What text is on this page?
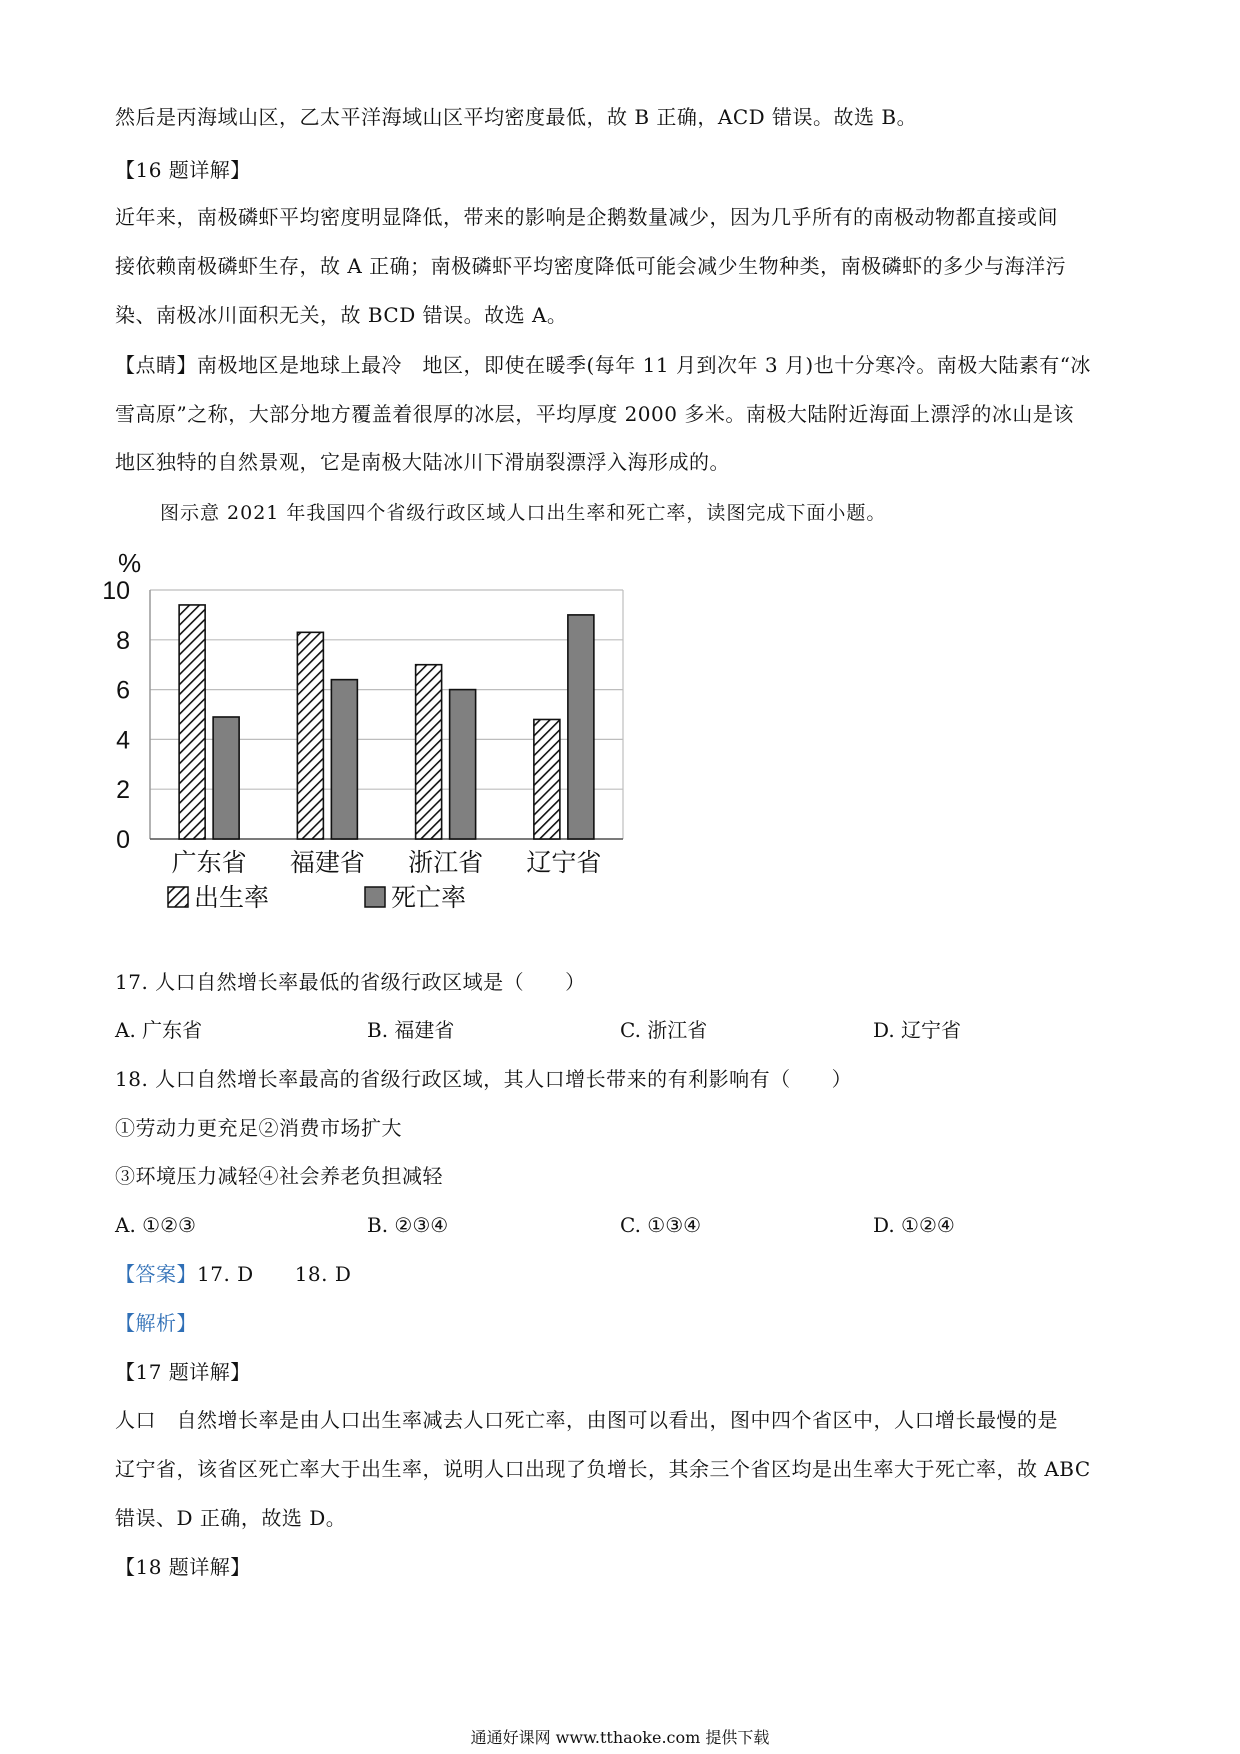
然后是丙海域山区，乙太平洋海域山区平均密度最低，故 B 正确，ACD 错误。故选 B。
【16 题详解】
近年来，南极磷虾平均密度明显降低，带来的影响是企鹅数量减少，因为几乎所有的南极动物都直接或间
接依赖南极磷虾生存，故 A 正确；南极磷虾平均密度降低可能会减少生物种类，南极磷虾的多少与海洋污
染、南极冰川面积无关，故 BCD 错误。故选 A。
【点睛】南极地区是地球上最冷　地区，即使在暖季(每年 11 月到次年 3 月)也十分寒冷。南极大陆素有“冰
雪高原”之称，大部分地方覆盖着很厚的冰层，平均厚度 2000 多米。南极大陆附近海面上漂浮的冰山是该
地区独特的自然景观，它是南极大陆冰川下滑崩裂漂浮入海形成的。
图示意 2021 年我国四个省级行政区域人口出生率和死亡率，读图完成下面小题。
%
0
2
4
6
8
10
广东省 福建省 浙江省 辽宁省
出生率	死亡率
17. 人口自然增长率最低的省级行政区域是（　　）
A. 广东省	B. 福建省	C. 浙江省	D. 辽宁省
18. 人口自然增长率最高的省级行政区域，其人口增长带来的有利影响有（　　）
①劳动力更充足②消费市场扩大
③环境压力减轻④社会养老负担减轻
A. ①②③	B. ②③④	C. ①③④	D. ①②④
【答案】17. D　　18. D
【解析】
【17 题详解】
人口　自然增长率是由人口出生率减去人口死亡率，由图可以看出，图中四个省区中，人口增长最慢的是
辽宁省，该省区死亡率大于出生率，说明人口出现了负增长，其余三个省区均是出生率大于死亡率，故 ABC
错误、D 正确，故选 D。
【18 题详解】
通通好课网 www.tthaoke.com 提供下载
